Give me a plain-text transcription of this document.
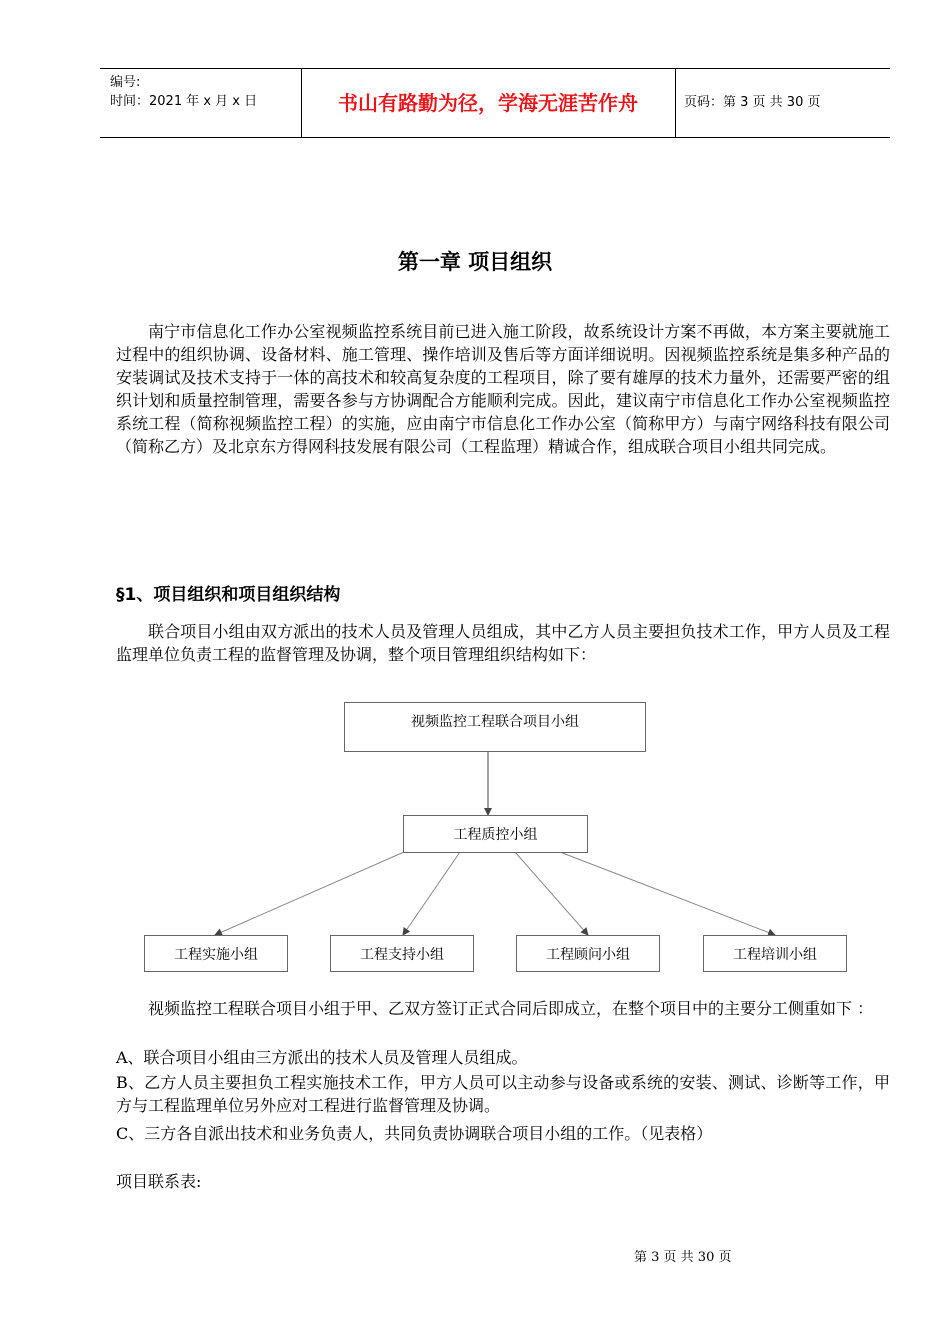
编号:
时间：2021 年 x 月 x 日	书山有路勤为径，学海无涯苦作舟	页码：第 3 页 共 30 页
第一章 项目组织
南宁市信息化工作办公室视频监控系统目前已进入施工阶段，故系统设计方案不再做，本方案主要就施工过程中的组织协调、设备材料、施工管理、操作培训及售后等方面详细说明。因视频监控系统是集多种产品的安装调试及技术支持于一体的高技术和较高复杂度的工程项目，除了要有雄厚的技术力量外，还需要严密的组织计划和质量控制管理，需要各参与方协调配合方能顺利完成。因此，建议南宁市信息化工作办公室视频监控系统工程（简称视频监控工程）的实施，应由南宁市信息化工作办公室（简称甲方）与南宁网络科技有限公司（简称乙方）及北京东方得网科技发展有限公司（工程监理）精诚合作，组成联合项目小组共同完成。
§1、项目组织和项目组织结构
联合项目小组由双方派出的技术人员及管理人员组成，其中乙方人员主要担负技术工作，甲方人员及工程监理单位负责工程的监督管理及协调，整个项目管理组织结构如下：
视频监控工程联合项目小组
工程质控小组
工程实施小组	工程支持小组	工程顾问小组	工程培训小组
视频监控工程联合项目小组于甲、乙双方签订正式合同后即成立，在整个项目中的主要分工侧重如下 ：
A、联合项目小组由三方派出的技术人员及管理人员组成。
B、乙方人员主要担负工程实施技术工作，甲方人员可以主动参与设备或系统的安装、测试、诊断等工作，甲方与工程监理单位另外应对工程进行监督管理及协调。
C、三方各自派出技术和业务负责人，共同负责协调联合项目小组的工作。（见表格）
项目联系表:
第 3 页 共 30 页
